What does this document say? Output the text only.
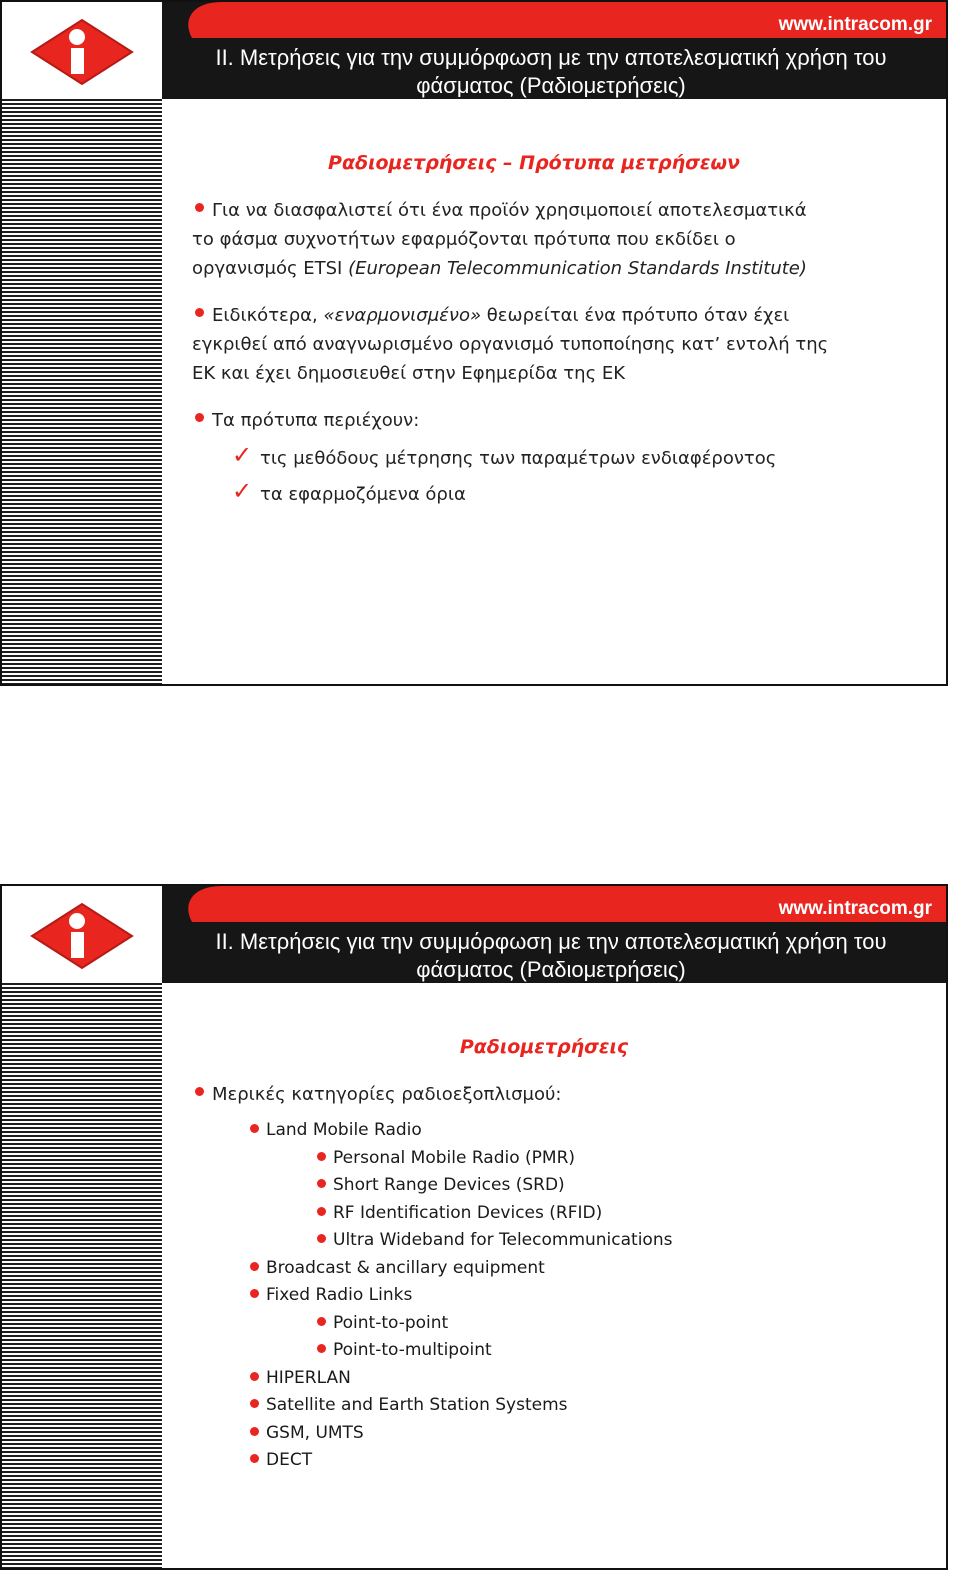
www.intracom.gr
II. Μετρήσεις για την συμμόρφωση με την αποτελεσματική χρήση του
φάσματος (Ραδιομετρήσεις)
Ραδιομετρήσεις – Πρότυπα μετρήσεων
Για να διασφαλιστεί ότι ένα προϊόν χρησιμοποιεί αποτελεσματικά
το φάσμα συχνοτήτων εφαρμόζονται πρότυπα που εκδίδει ο
οργανισμός ETSI (European Telecommunication Standards Institute)
Ειδικότερα, «εναρμονισμένο» θεωρείται ένα πρότυπο όταν έχει
εγκριθεί από αναγνωρισμένο οργανισμό τυποποίησης κατ’ εντολή της
ΕΚ και έχει δημοσιευθεί στην Εφημερίδα της ΕΚ
Τα πρότυπα περιέχουν:
✓ τις μεθόδους μέτρησης των παραμέτρων ενδιαφέροντος
✓ τα εφαρμοζόμενα όρια
www.intracom.gr
II. Μετρήσεις για την συμμόρφωση με την αποτελεσματική χρήση του
φάσματος (Ραδιομετρήσεις)
Ραδιομετρήσεις
Μερικές κατηγορίες ραδιοεξοπλισμού:
Land Mobile Radio
Personal Mobile Radio (PMR)
Short Range Devices (SRD)
RF Identification Devices (RFID)
Ultra Wideband for Telecommunications
Broadcast & ancillary equipment
Fixed Radio Links
Point-to-point
Point-to-multipoint
HIPERLAN
Satellite and Earth Station Systems
GSM, UMTS
DECT
